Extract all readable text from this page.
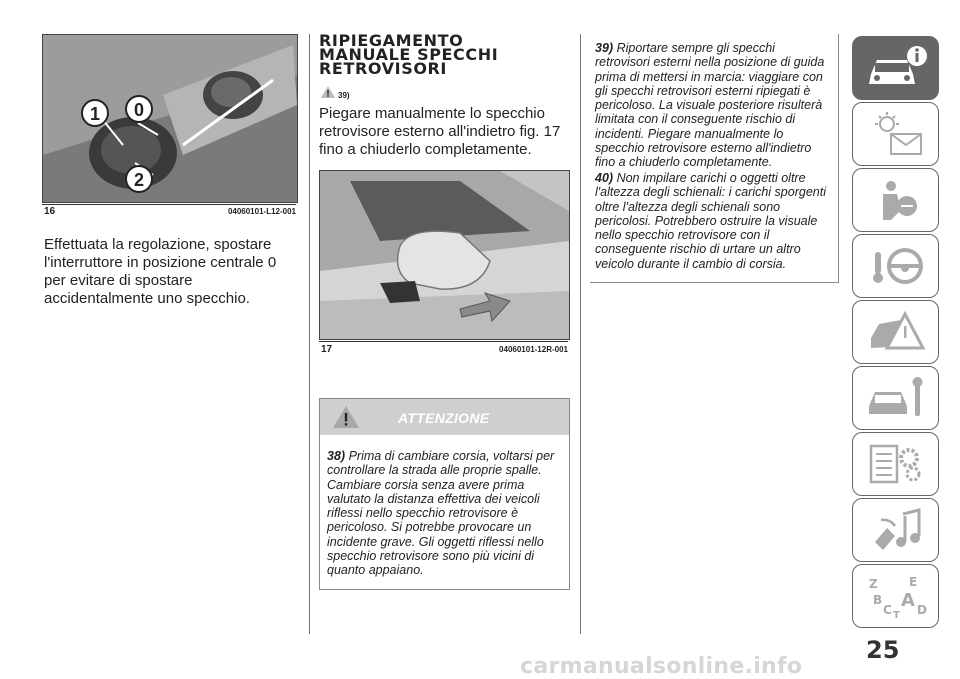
1 0
2
16	04060101-L12-001
Effettuata la regolazione, spostare l'interruttore in posizione centrale 0 per evitare di spostare accidentalmente uno specchio.
RIPIEGAMENTO
MANUALE SPECCHI
RETROVISORI
39)
Piegare manualmente lo specchio retrovisore esterno all'indietro fig. 17 fino a chiuderlo completamente.
17	04060101-12R-001
ATTENZIONE
38) Prima di cambiare corsia, voltarsi per controllare la strada alle proprie spalle. Cambiare corsia senza avere prima valutato la distanza effettiva dei veicoli riflessi nello specchio retrovisore è pericoloso. Si potrebbe provocare un incidente grave. Gli oggetti riflessi nello specchio retrovisore sono più vicini di quanto appaiano.
39) Riportare sempre gli specchi retrovisori esterni nella posizione di guida prima di mettersi in marcia: viaggiare con gli specchi retrovisori esterni ripiegati è pericoloso. La visuale posteriore risulterà limitata con il conseguente rischio di incidenti. Piegare manualmente lo specchio retrovisore esterno all'indietro fino a chiuderlo completamente.
40) Non impilare carichi o oggetti oltre l'altezza degli schienali: i carichi sporgenti oltre l'altezza degli schienali sono pericolosi. Potrebbero ostruire la visuale nello specchio retrovisore con il conseguente rischio di urtare un altro veicolo durante il cambio di corsia.
Z	E
B A
C D
T
25
carmanualsonline.info
